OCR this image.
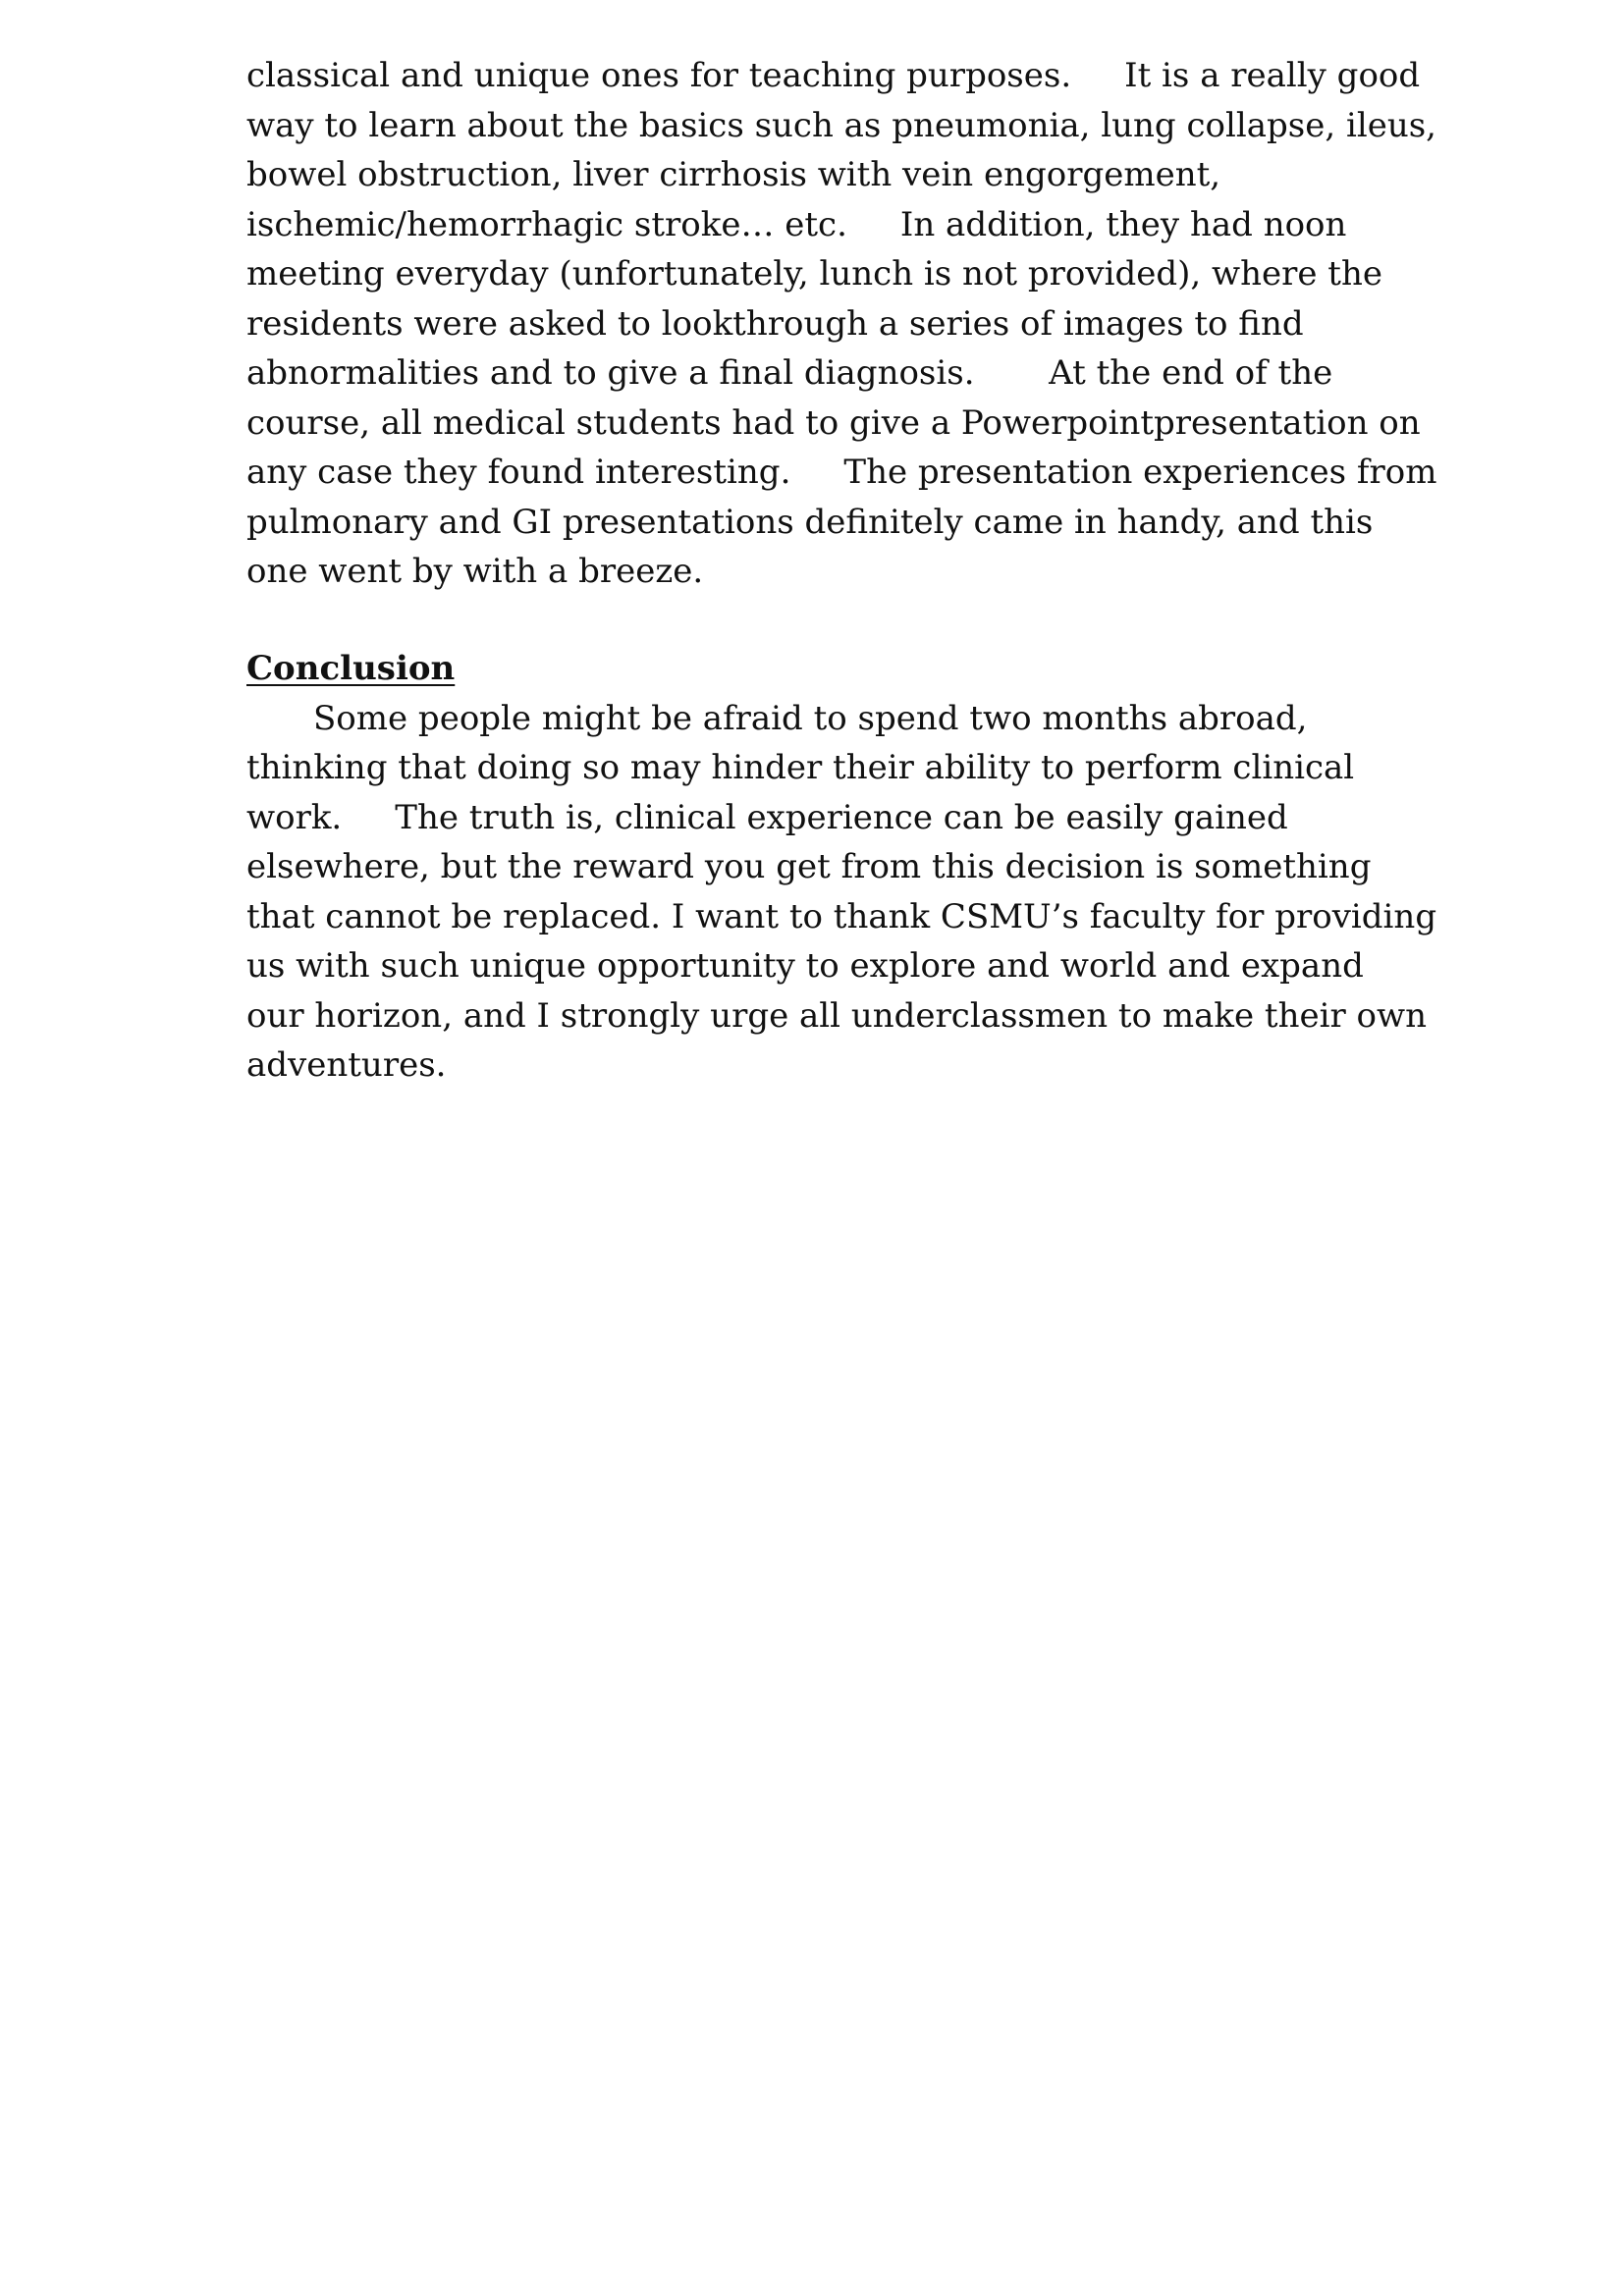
classical and unique ones for teaching purposes.     It is a really good
way to learn about the basics such as pneumonia, lung collapse, ileus,
bowel obstruction, liver cirrhosis with vein engorgement,
ischemic/hemorrhagic stroke… etc.     In addition, they had noon
meeting everyday (unfortunately, lunch is not provided), where the
residents were asked to lookthrough a series of images to find
abnormalities and to give a final diagnosis.       At the end of the
course, all medical students had to give a Powerpointpresentation on
any case they found interesting.     The presentation experiences from
pulmonary and GI presentations definitely came in handy, and this
one went by with a breeze.
Conclusion
Some people might be afraid to spend two months abroad,
thinking that doing so may hinder their ability to perform clinical
work.     The truth is, clinical experience can be easily gained
elsewhere, but the reward you get from this decision is something
that cannot be replaced. I want to thank CSMU’s faculty for providing
us with such unique opportunity to explore and world and expand
our horizon, and I strongly urge all underclassmen to make their own
adventures.
